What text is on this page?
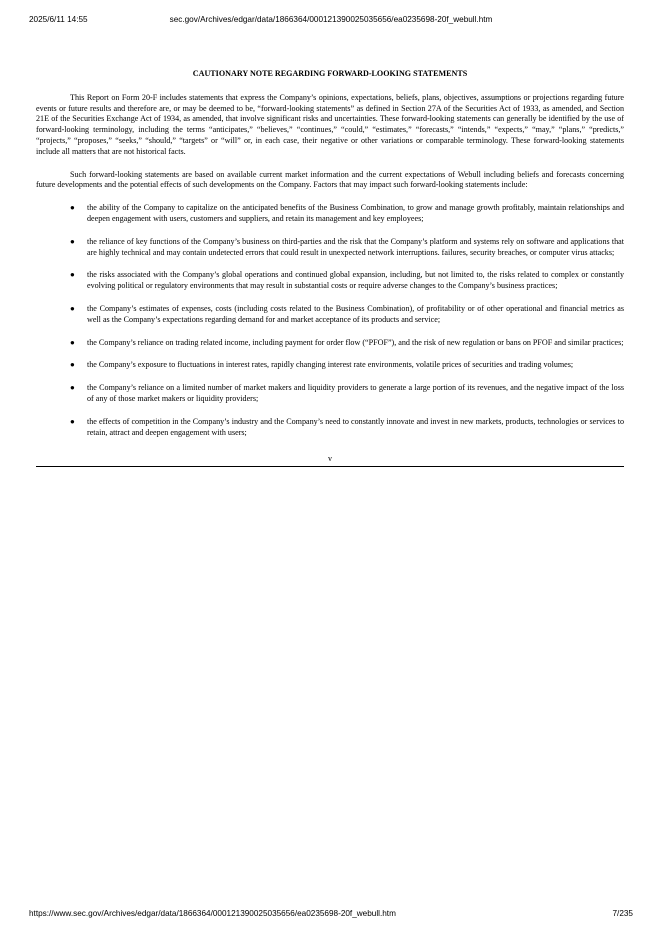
2025/6/11 14:55	sec.gov/Archives/edgar/data/1866364/000121390025035656/ea0235698-20f_webull.htm
CAUTIONARY NOTE REGARDING FORWARD-LOOKING STATEMENTS

This Report on Form 20-F includes statements that express the Company’s opinions, expectations, beliefs, plans, objectives, assumptions or projections regarding future events or future results and therefore are, or may be deemed to be, “forward-looking statements” as defined in Section 27A of the Securities Act of 1933, as amended, and Section 21E of the Securities Exchange Act of 1934, as amended, that involve significant risks and uncertainties. These forward-looking statements can generally be identified by the use of forward-looking terminology, including the terms “anticipates,” “believes,” “continues,” “could,” “estimates,” “forecasts,” “intends,” “expects,” “may,” “plans,” “predicts,” “projects,” “proposes,” “seeks,” “should,” “targets” or “will” or, in each case, their negative or other variations or comparable terminology. These forward-looking statements include all matters that are not historical facts.

Such forward-looking statements are based on available current market information and the current expectations of Webull including beliefs and forecasts concerning future developments and the potential effects of such developments on the Company. Factors that may impact such forward-looking statements include:

● the ability of the Company to capitalize on the anticipated benefits of the Business Combination, to grow and manage growth profitably, maintain relationships and deepen engagement with users, customers and suppliers, and retain its management and key employees;
● the reliance of key functions of the Company’s business on third-parties and the risk that the Company’s platform and systems rely on software and applications that are highly technical and may contain undetected errors that could result in unexpected network interruptions. failures, security breaches, or computer virus attacks;
● the risks associated with the Company’s global operations and continued global expansion, including, but not limited to, the risks related to complex or constantly evolving political or regulatory environments that may result in substantial costs or require adverse changes to the Company’s business practices;
● the Company’s estimates of expenses, costs (including costs related to the Business Combination), of profitability or of other operational and financial metrics as well as the Company’s expectations regarding demand for and market acceptance of its products and service;
● the Company’s reliance on trading related income, including payment for order flow (“PFOF”), and the risk of new regulation or bans on PFOF and similar practices;
● the Company’s exposure to fluctuations in interest rates, rapidly changing interest rate environments, volatile prices of securities and trading volumes;
● the Company’s reliance on a limited number of market makers and liquidity providers to generate a large portion of its revenues, and the negative impact of the loss of any of those market makers or liquidity providers;
● the effects of competition in the Company’s industry and the Company’s need to constantly innovate and invest in new markets, products, technologies or services to retain, attract and deepen engagement with users;
v
https://www.sec.gov/Archives/edgar/data/1866364/000121390025035656/ea0235698-20f_webull.htm	7/235
